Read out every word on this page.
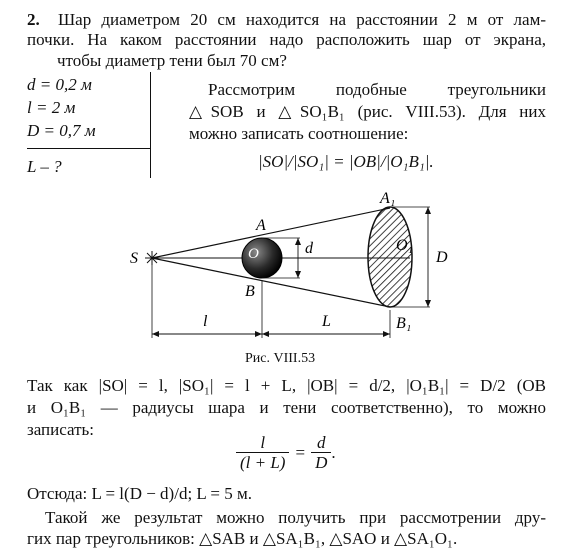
2. Шар диаметром 20 см находится на расстоянии 2 м от лам-
почки. На каком расстоянии надо расположить шар от экрана,
чтобы диаметр тени был 70 см?
d = 0,2 м
l = 2 м
D = 0,7 м
L – ?
Рассмотрим подобные треугольники
△SOB и △SO₁B₁ (рис. VIII.53). Для них
можно записать соотношение:
|SO|/|SO₁| = |OB|/|O₁B₁|.
S
A
O
B
d
A₁
O₁
B₁
D
l	L
Рис. VIII.53
Так как |SO| = l, |SO₁| = l + L, |OB| = d/2, |O₁B₁| = D/2 (OB
и O₁B₁ — радиусы шара и тени соответственно), то можно
записать:
$\frac{l}{(l + L)} = \frac{d}{D}$ .
Отсюда: L = l(D − d)/d; L = 5 м.
Такой же результат можно получить при рассмотрении дру-
гих пар треугольников: △SAB и △SA₁B₁, △SAO и △SA₁O₁.
